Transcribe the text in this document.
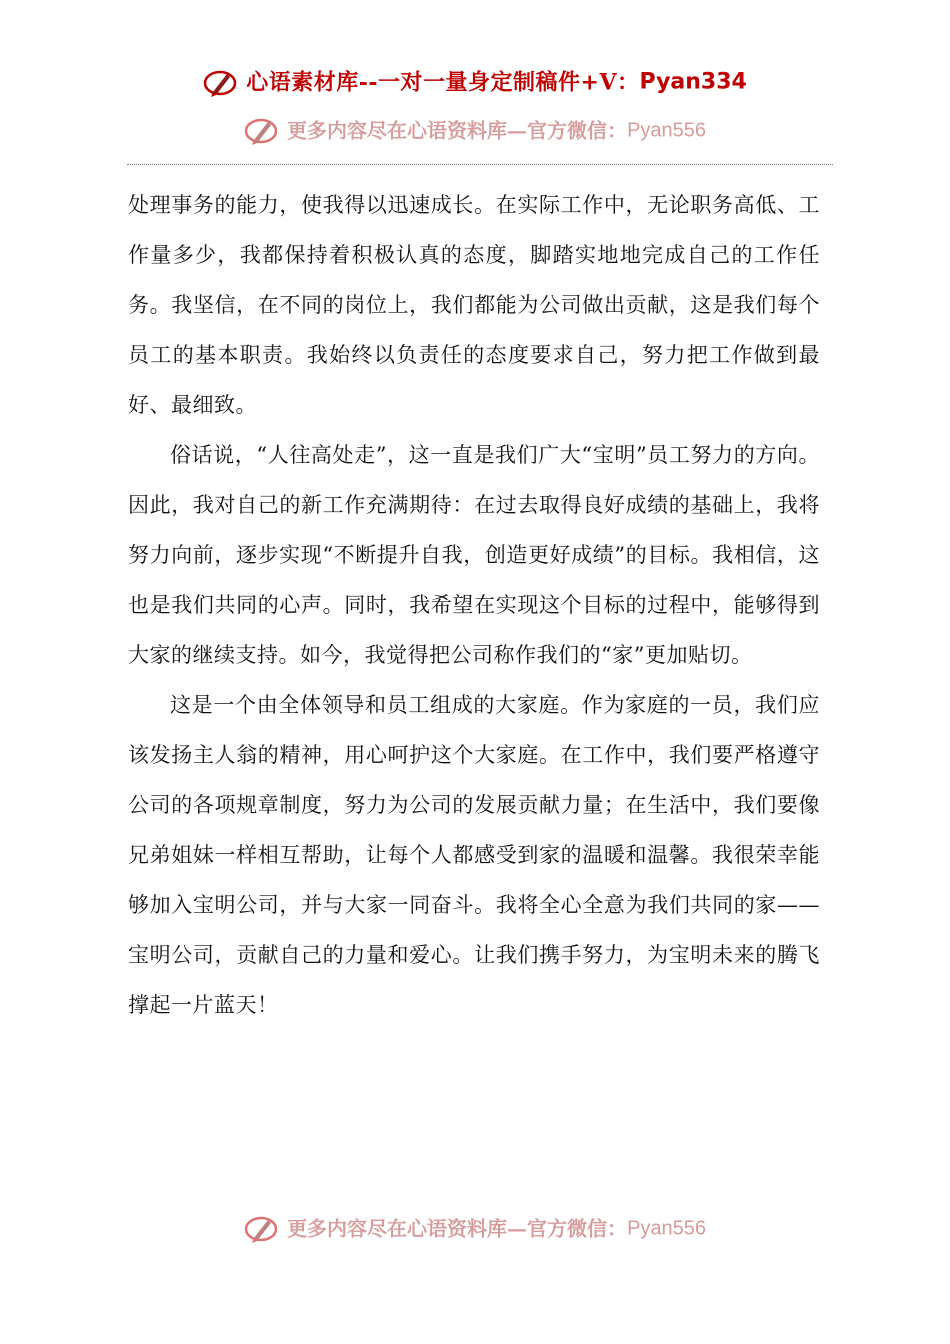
心语素材库--一对一量身定制稿件+V：Pyan334
更多内容尽在心语资料库—官方微信：Pyan556

处理事务的能力，使我得以迅速成长。在实际工作中，无论职务高低、工作量多少，我都保持着积极认真的态度，脚踏实地地完成自己的工作任务。我坚信，在不同的岗位上，我们都能为公司做出贡献，这是我们每个员工的基本职责。我始终以负责任的态度要求自己，努力把工作做到最好、最细致。

俗话说，“人往高处走”，这一直是我们广大“宝明”员工努力的方向。因此，我对自己的新工作充满期待：在过去取得良好成绩的基础上，我将努力向前，逐步实现“不断提升自我，创造更好成绩”的目标。我相信，这也是我们共同的心声。同时，我希望在实现这个目标的过程中，能够得到大家的继续支持。如今，我觉得把公司称作我们的“家”更加贴切。

这是一个由全体领导和员工组成的大家庭。作为家庭的一员，我们应该发扬主人翁的精神，用心呵护这个大家庭。在工作中，我们要严格遵守公司的各项规章制度，努力为公司的发展贡献力量；在生活中，我们要像兄弟姐妹一样相互帮助，让每个人都感受到家的温暖和温馨。我很荣幸能够加入宝明公司，并与大家一同奋斗。我将全心全意为我们共同的家——宝明公司，贡献自己的力量和爱心。让我们携手努力，为宝明未来的腾飞撑起一片蓝天！

更多内容尽在心语资料库—官方微信：Pyan556
